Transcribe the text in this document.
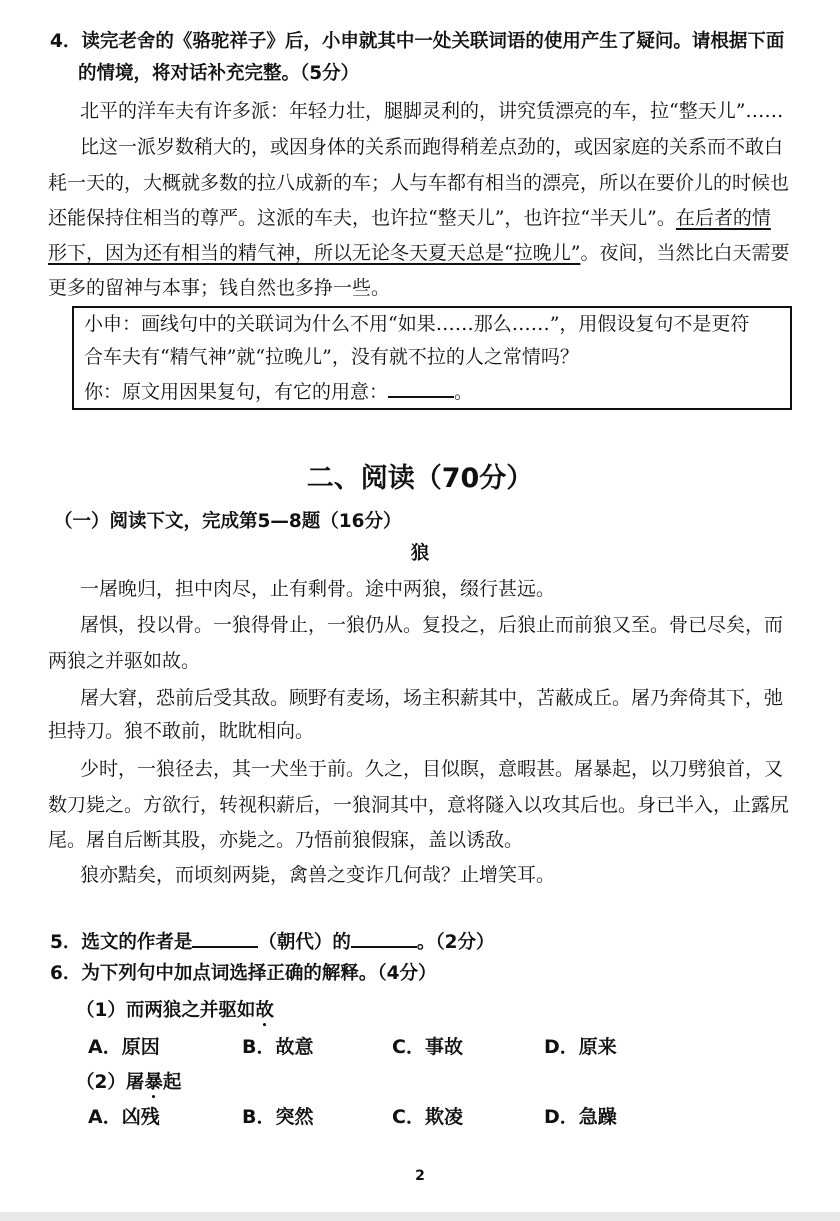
4．读完老舍的《骆驼祥子》后，小申就其中一处关联词语的使用产生了疑问。请根据下面
的情境，将对话补充完整。（5分）
北平的洋车夫有许多派：年轻力壮，腿脚灵利的，讲究赁漂亮的车，拉“整天儿”……
比这一派岁数稍大的，或因身体的关系而跑得稍差点劲的，或因家庭的关系而不敢白
耗一天的，大概就多数的拉八成新的车；人与车都有相当的漂亮，所以在要价儿的时候也
还能保持住相当的尊严。这派的车夫，也许拉“整天儿”，也许拉“半天儿”。在后者的情
形下，因为还有相当的精气神，所以无论冬天夏天总是“拉晚儿”。夜间，当然比白天需要
更多的留神与本事；钱自然也多挣一些。
小申：画线句中的关联词为什么不用“如果……那么……”，用假设复句不是更符
合车夫有“精气神”就“拉晚儿”，没有就不拉的人之常情吗？
你：原文用因果复句，有它的用意：	。
二、阅读（70分）
（一）阅读下文，完成第5—8题（16分）
狼
一屠晚归，担中肉尽，止有剩骨。途中两狼，缀行甚远。
屠惧，投以骨。一狼得骨止，一狼仍从。复投之，后狼止而前狼又至。骨已尽矣，而
两狼之并驱如故。
屠大窘，恐前后受其敌。顾野有麦场，场主积薪其中，苫蔽成丘。屠乃奔倚其下，弛
担持刀。狼不敢前，眈眈相向。
少时，一狼径去，其一犬坐于前。久之，目似瞑，意暇甚。屠暴起，以刀劈狼首，又
数刀毙之。方欲行，转视积薪后，一狼洞其中，意将隧入以攻其后也。身已半入，止露尻
尾。屠自后断其股，亦毙之。乃悟前狼假寐，盖以诱敌。
狼亦黠矣，而顷刻两毙，禽兽之变诈几何哉？止增笑耳。
5．选文的作者是	（朝代）的	。（2分）
6．为下列句中加点词选择正确的解释。（4分）
（1）而两狼之并驱如故
A．原因	B．故意	C．事故	D．原来
（2）屠暴起
A．凶残	B．突然	C．欺凌	D．急躁
2
